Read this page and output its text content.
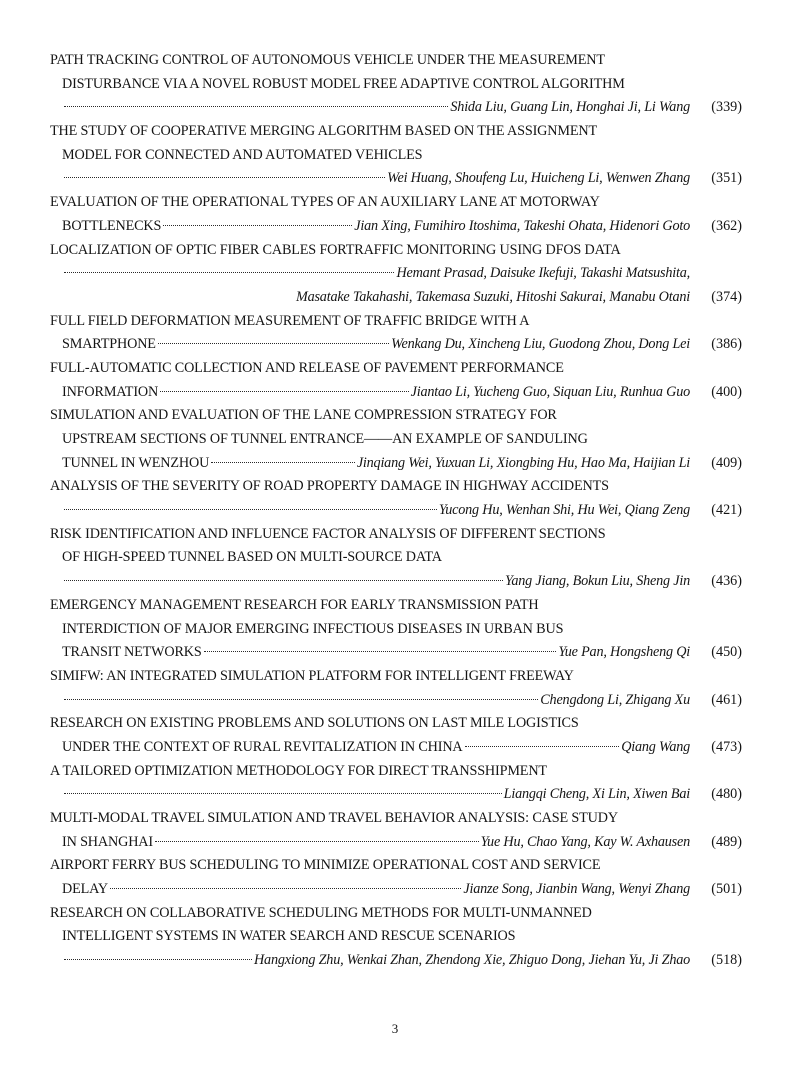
PATH TRACKING CONTROL OF AUTONOMOUS VEHICLE UNDER THE MEASUREMENT
DISTURBANCE VIA A NOVEL ROBUST MODEL FREE ADAPTIVE CONTROL ALGORITHM
Shida Liu, Guang Lin, Honghai Ji, Li Wang	(339)
THE STUDY OF COOPERATIVE MERGING ALGORITHM BASED ON THE ASSIGNMENT
MODEL FOR CONNECTED AND AUTOMATED VEHICLES
Wei Huang, Shoufeng Lu, Huicheng Li, Wenwen Zhang	(351)
EVALUATION OF THE OPERATIONAL TYPES OF AN AUXILIARY LANE AT MOTORWAY
BOTTLENECKS	Jian Xing, Fumihiro Itoshima, Takeshi Ohata, Hidenori Goto	(362)
LOCALIZATION OF OPTIC FIBER CABLES FORTRAFFIC MONITORING USING DFOS DATA
Hemant Prasad, Daisuke Ikefuji, Takashi Matsushita,
Masatake Takahashi, Takemasa Suzuki, Hitoshi Sakurai, Manabu Otani	(374)
FULL FIELD DEFORMATION MEASUREMENT OF TRAFFIC BRIDGE WITH A
SMARTPHONE	Wenkang Du, Xincheng Liu, Guodong Zhou, Dong Lei	(386)
FULL-AUTOMATIC COLLECTION AND RELEASE OF PAVEMENT PERFORMANCE
INFORMATION	Jiantao Li, Yucheng Guo, Siquan Liu, Runhua Guo	(400)
SIMULATION AND EVALUATION OF THE LANE COMPRESSION STRATEGY FOR
UPSTREAM SECTIONS OF TUNNEL ENTRANCE——AN EXAMPLE OF SANDULING
TUNNEL IN WENZHOU	Jinqiang Wei, Yuxuan Li, Xiongbing Hu, Hao Ma, Haijian Li	(409)
ANALYSIS OF THE SEVERITY OF ROAD PROPERTY DAMAGE IN HIGHWAY ACCIDENTS
Yucong Hu, Wenhan Shi, Hu Wei, Qiang Zeng	(421)
RISK IDENTIFICATION AND INFLUENCE FACTOR ANALYSIS OF DIFFERENT SECTIONS
OF HIGH-SPEED TUNNEL BASED ON MULTI-SOURCE DATA
Yang Jiang, Bokun Liu, Sheng Jin	(436)
EMERGENCY MANAGEMENT RESEARCH FOR EARLY TRANSMISSION PATH
INTERDICTION OF MAJOR EMERGING INFECTIOUS DISEASES IN URBAN BUS
TRANSIT NETWORKS	Yue Pan, Hongsheng Qi	(450)
SIMIFW: AN INTEGRATED SIMULATION PLATFORM FOR INTELLIGENT FREEWAY
Chengdong Li, Zhigang Xu	(461)
RESEARCH ON EXISTING PROBLEMS AND SOLUTIONS ON LAST MILE LOGISTICS
UNDER THE CONTEXT OF RURAL REVITALIZATION IN CHINA	Qiang Wang	(473)
A TAILORED OPTIMIZATION METHODOLOGY FOR DIRECT TRANSSHIPMENT
Liangqi Cheng, Xi Lin, Xiwen Bai	(480)
MULTI-MODAL TRAVEL SIMULATION AND TRAVEL BEHAVIOR ANALYSIS: CASE STUDY
IN SHANGHAI	Yue Hu, Chao Yang, Kay W. Axhausen	(489)
AIRPORT FERRY BUS SCHEDULING TO MINIMIZE OPERATIONAL COST AND SERVICE
DELAY	Jianze Song, Jianbin Wang, Wenyi Zhang	(501)
RESEARCH ON COLLABORATIVE SCHEDULING METHODS FOR MULTI-UNMANNED
INTELLIGENT SYSTEMS IN WATER SEARCH AND RESCUE SCENARIOS
Hangxiong Zhu, Wenkai Zhan, Zhendong Xie, Zhiguo Dong, Jiehan Yu, Ji Zhao	(518)
3
